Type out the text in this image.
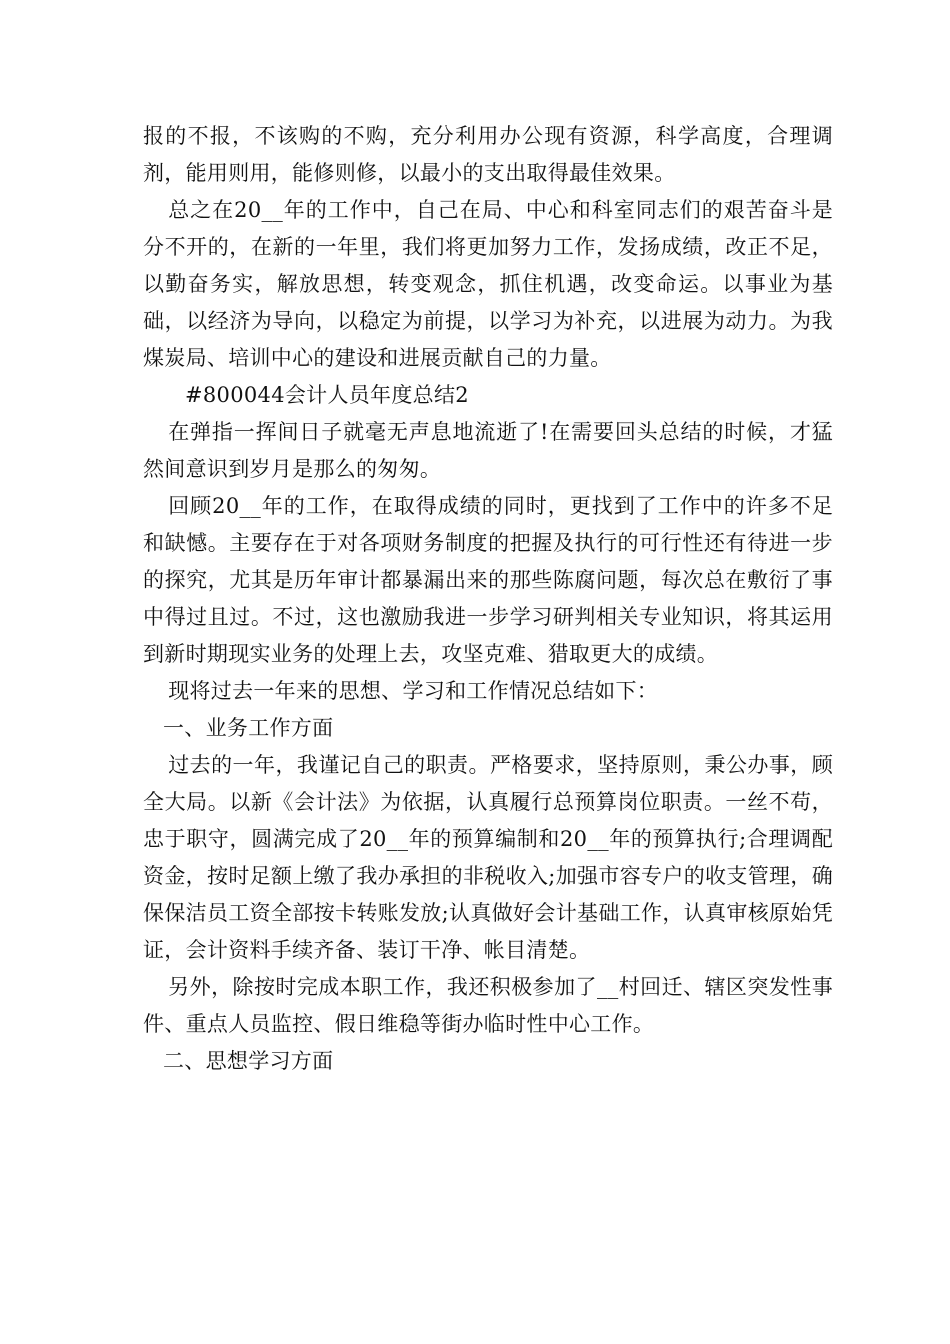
报的不报，不该购的不购，充分利用办公现有资源，科学高度，合理调剂，能用则用，能修则修，以最小的支出取得最佳效果。

总之在20__年的工作中，自己在局、中心和科室同志们的艰苦奋斗是分不开的，在新的一年里，我们将更加努力工作，发扬成绩，改正不足，以勤奋务实，解放思想，转变观念，抓住机遇，改变命运。以事业为基础，以经济为导向，以稳定为前提，以学习为补充，以进展为动力。为我煤炭局、培训中心的建设和进展贡献自己的力量。

#800044会计人员年度总结2

在弹指一挥间日子就毫无声息地流逝了!在需要回头总结的时候，才猛然间意识到岁月是那么的匆匆。

回顾20__年的工作，在取得成绩的同时，更找到了工作中的许多不足和缺憾。主要存在于对各项财务制度的把握及执行的可行性还有待进一步的探究，尤其是历年审计都暴漏出来的那些陈腐问题，每次总在敷衍了事中得过且过。不过，这也激励我进一步学习研判相关专业知识，将其运用到新时期现实业务的处理上去，攻坚克难、猎取更大的成绩。

现将过去一年来的思想、学习和工作情况总结如下：

一、业务工作方面

过去的一年，我谨记自己的职责。严格要求，坚持原则，秉公办事，顾全大局。以新《会计法》为依据，认真履行总预算岗位职责。一丝不苟，忠于职守，圆满完成了20__年的预算编制和20__年的预算执行;合理调配资金，按时足额上缴了我办承担的非税收入;加强市容专户的收支管理，确保保洁员工资全部按卡转账发放;认真做好会计基础工作，认真审核原始凭证，会计资料手续齐备、装订干净、帐目清楚。

另外，除按时完成本职工作，我还积极参加了__村回迁、辖区突发性事件、重点人员监控、假日维稳等街办临时性中心工作。

二、思想学习方面
